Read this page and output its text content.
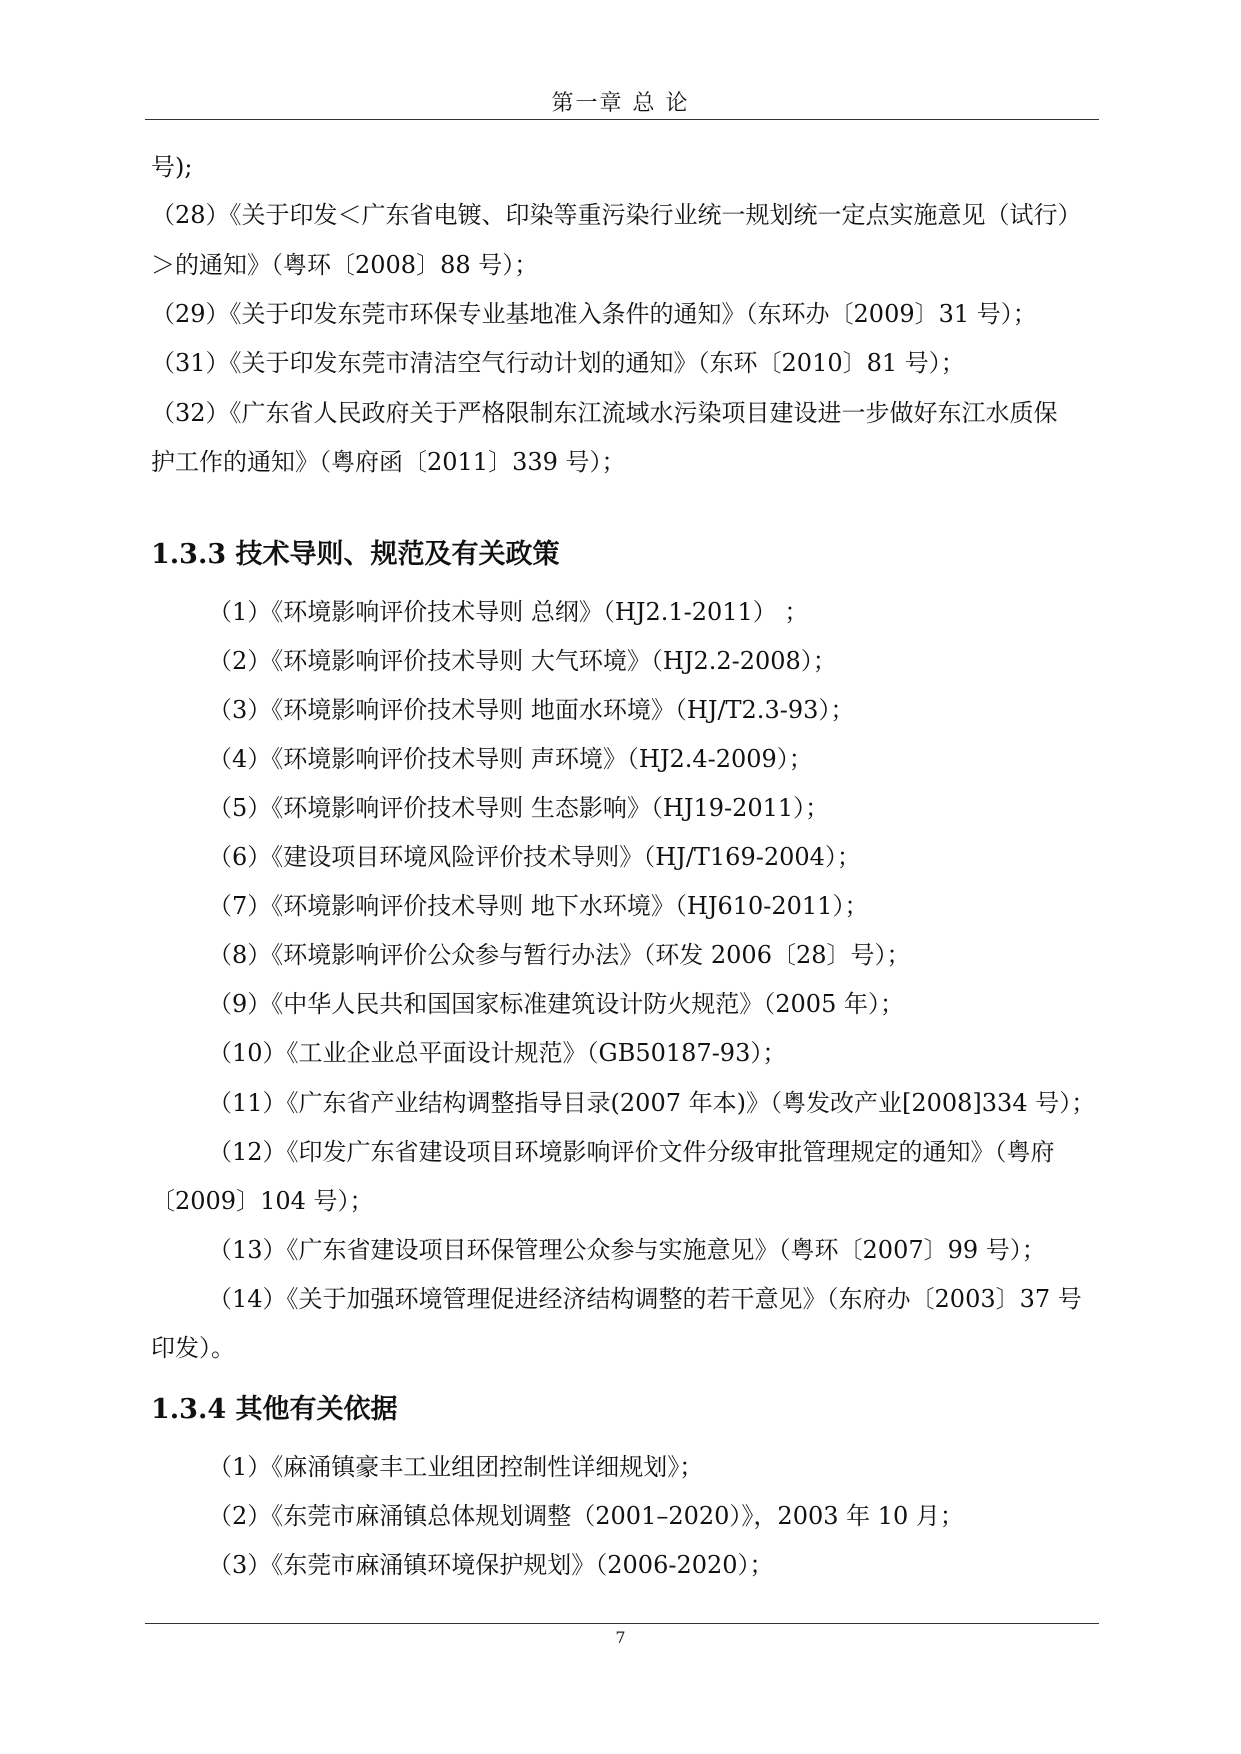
第一章 总 论
号);
（28）《关于印发＜广东省电镀、印染等重污染行业统一规划统一定点实施意见（试行）
＞的通知》（粤环〔2008〕88 号）；
（29）《关于印发东莞市环保专业基地准入条件的通知》（东环办〔2009〕31 号）；
（31）《关于印发东莞市清洁空气行动计划的通知》（东环〔2010〕81 号）；
（32）《广东省人民政府关于严格限制东江流域水污染项目建设进一步做好东江水质保
护工作的通知》（粤府函〔2011〕339 号）；
1.3.3 技术导则、规范及有关政策
（1）《环境影响评价技术导则 总纲》（HJ2.1-2011） ；
（2）《环境影响评价技术导则 大气环境》（HJ2.2-2008）；
（3）《环境影响评价技术导则 地面水环境》（HJ/T2.3-93）；
（4）《环境影响评价技术导则 声环境》（HJ2.4-2009）；
（5）《环境影响评价技术导则 生态影响》（HJ19-2011）；
（6）《建设项目环境风险评价技术导则》（HJ/T169-2004）；
（7）《环境影响评价技术导则 地下水环境》（HJ610-2011）；
（8）《环境影响评价公众参与暂行办法》（环发 2006〔28〕号）；
（9）《中华人民共和国国家标准建筑设计防火规范》（2005 年）；
（10）《工业企业总平面设计规范》（GB50187-93）；
（11）《广东省产业结构调整指导目录(2007 年本)》（粤发改产业[2008]334 号）；
（12）《印发广东省建设项目环境影响评价文件分级审批管理规定的通知》（粤府
〔2009〕104 号）；
（13）《广东省建设项目环保管理公众参与实施意见》（粤环〔2007〕99 号）；
（14）《关于加强环境管理促进经济结构调整的若干意见》（东府办〔2003〕37 号
印发）。
1.3.4 其他有关依据
（1）《麻涌镇豪丰工业组团控制性详细规划》；
（2）《东莞市麻涌镇总体规划调整（2001–2020）》，2003 年 10 月；
（3）《东莞市麻涌镇环境保护规划》（2006-2020）；
7
